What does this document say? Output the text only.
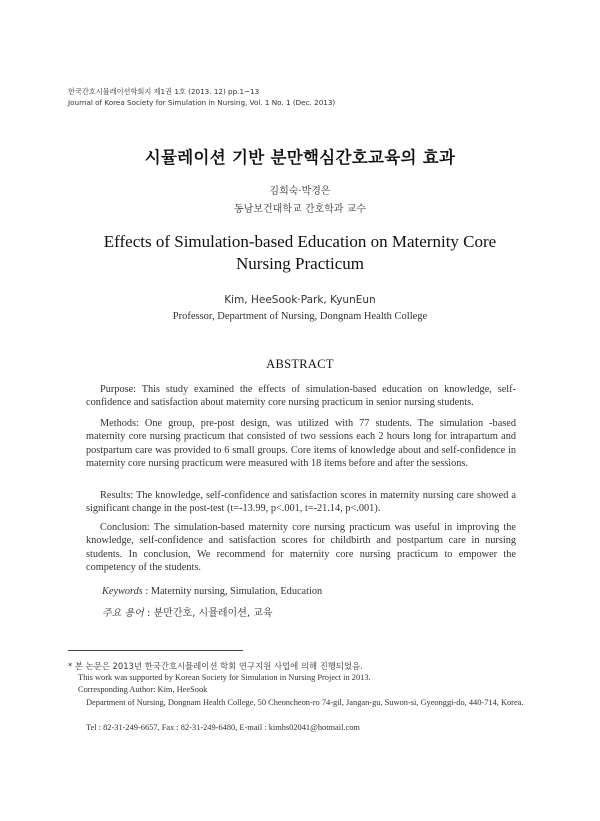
한국간호시뮬레이션학회지 제1권 1호 (2013. 12) pp.1~13
Journal of Korea Society for Simulation in Nursing, Vol. 1 No. 1 (Dec. 2013)
시뮬레이션 기반 분만핵심간호교육의 효과
김희숙·박경은
동남보건대학교 간호학과 교수
Effects of Simulation-based Education on Maternity Core
Nursing Practicum
Kim, HeeSook·Park, KyunEun
Professor, Department of Nursing, Dongnam Health College
ABSTRACT
Purpose: This study examined the effects of simulation-based education on knowledge, self-confidence and satisfaction about maternity core nursing practicum in senior nursing students.
Methods: One group, pre-post design, was utilized with 77 students. The simulation -based maternity core nursing practicum that consisted of two sessions each 2 hours long for intrapartum and postpartum care was provided to 6 small groups. Core items of knowledge about and self-confidence in maternity core nursing practicum were measured with 18 items before and after the sessions.
Results: The knowledge, self-confidence and satisfaction scores in maternity nursing care showed a significant change in the post-test (t=-13.99, p<.001, t=-21.14, p<.001).
Conclusion: The simulation-based maternity core nursing practicum was useful in improving the knowledge, self-confidence and satisfaction scores for childbirth and postpartum care in nursing students. In conclusion, We recommend for maternity core nursing practicum to empower the competency of the students.
Keywords : Maternity nursing, Simulation, Education
주요 용어 : 분만간호, 시뮬레이션, 교육
* 본 논문은 2013년 한국간호시뮬레이션 학회 연구지원 사업에 의해 진행되었음.
This work was supported by Korean Society for Simulation in Nursing Project in 2013.
Corresponding Author: Kim, HeeSook
Department of Nursing, Dongnam Health College, 50 Cheoncheon-ro 74-gil, Jangan-gu, Suwon-si, Gyeonggi-do, 440-714, Korea.
Tel : 82-31-249-6657, Fax : 82-31-249-6480, E-mail : kimhs02041@hotmail.com
